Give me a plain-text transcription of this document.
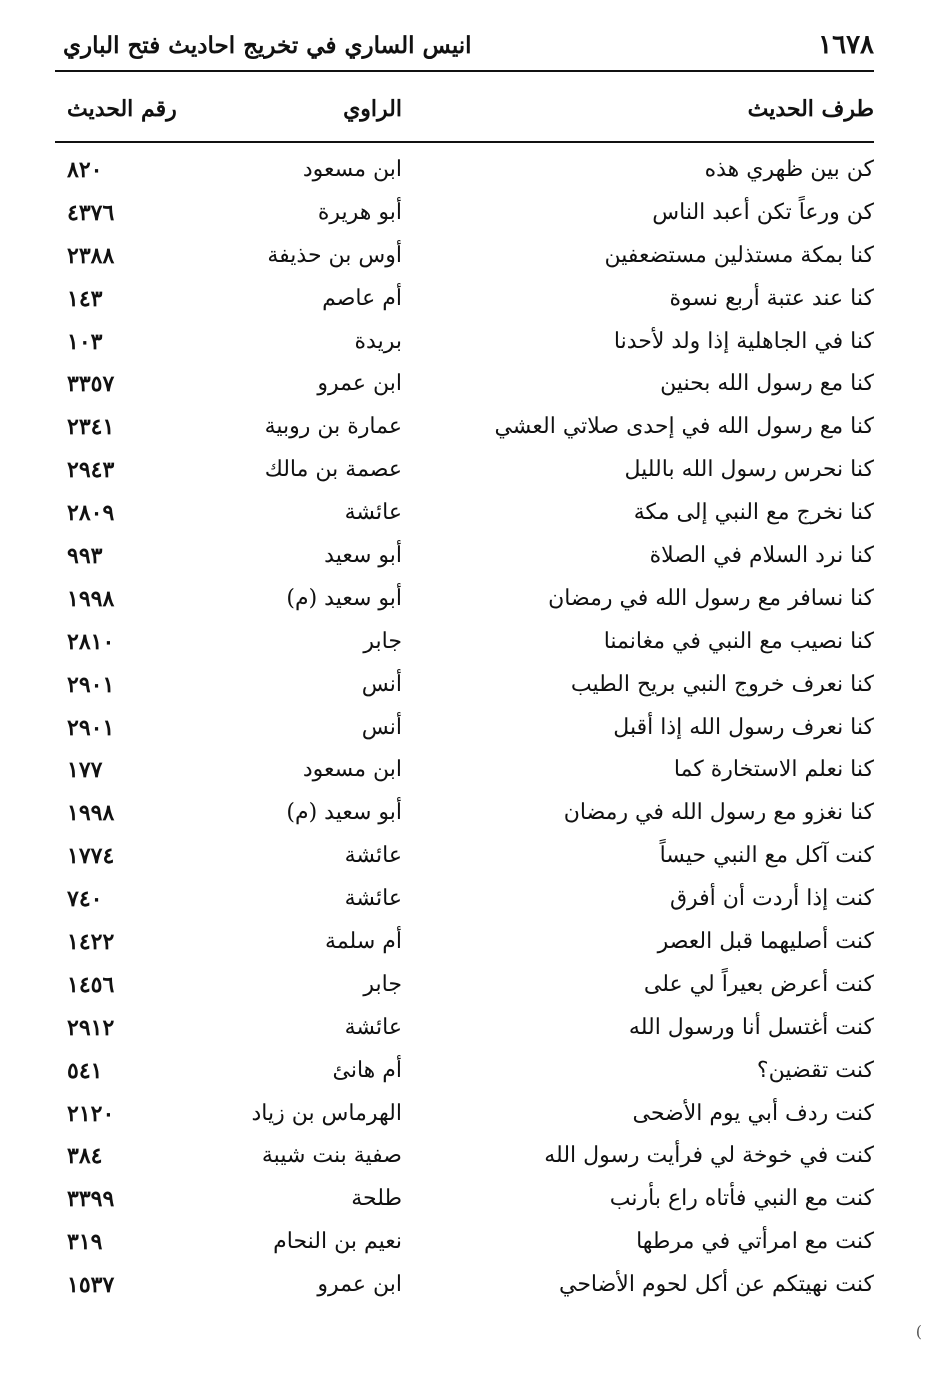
١٦٧٨
انيس الساري في تخريج احاديث فتح الباري
طرف الحديث
الراوي
رقم الحديث
كن بين ظهري هذه
ابن مسعود
٨٢٠
كن ورعاً تكن أعبد الناس
أبو هريرة
٤٣٧٦
كنا بمكة مستذلين مستضعفين
أوس بن حذيفة
٢٣٨٨
كنا عند عتبة أربع نسوة
أم عاصم
١٤٣
كنا في الجاهلية إذا ولد لأحدنا
بريدة
١٠٣
كنا مع رسول الله بحنين
ابن عمرو
٣٣٥٧
كنا مع رسول الله في إحدى صلاتي العشي
عمارة بن روبية
٢٣٤١
كنا نحرس رسول الله بالليل
عصمة بن مالك
٢٩٤٣
كنا نخرج مع النبي إلى مكة
عائشة
٢٨٠٩
كنا نرد السلام في الصلاة
أبو سعيد
٩٩٣
كنا نسافر مع رسول الله في رمضان
أبو سعيد (م)
١٩٩٨
كنا نصيب مع النبي في مغانمنا
جابر
٢٨١٠
كنا نعرف خروج النبي بريح الطيب
أنس
٢٩٠١
كنا نعرف رسول الله إذا أقبل
أنس
٢٩٠١
كنا نعلم الاستخارة كما
ابن مسعود
١٧٧
كنا نغزو مع رسول الله في رمضان
أبو سعيد (م)
١٩٩٨
كنت آكل مع النبي حيساً
عائشة
١٧٧٤
كنت إذا أردت أن أفرق
عائشة
٧٤٠
كنت أصليهما قبل العصر
أم سلمة
١٤٢٢
كنت أعرض بعيراً لي على
جابر
١٤٥٦
كنت أغتسل أنا ورسول الله
عائشة
٢٩١٢
كنت تقضين؟
أم هانئ
٥٤١
كنت ردف أبي يوم الأضحى
الهرماس بن زياد
٢١٢٠
كنت في خوخة لي فرأيت رسول الله
صفية بنت شيبة
٣٨٤
كنت مع النبي فأتاه راع بأرنب
طلحة
٣٣٩٩
كنت مع امرأتي في مرطها
نعيم بن النحام
٣١٩
كنت نهيتكم عن أكل لحوم الأضاحي
ابن عمرو
١٥٣٧
(
